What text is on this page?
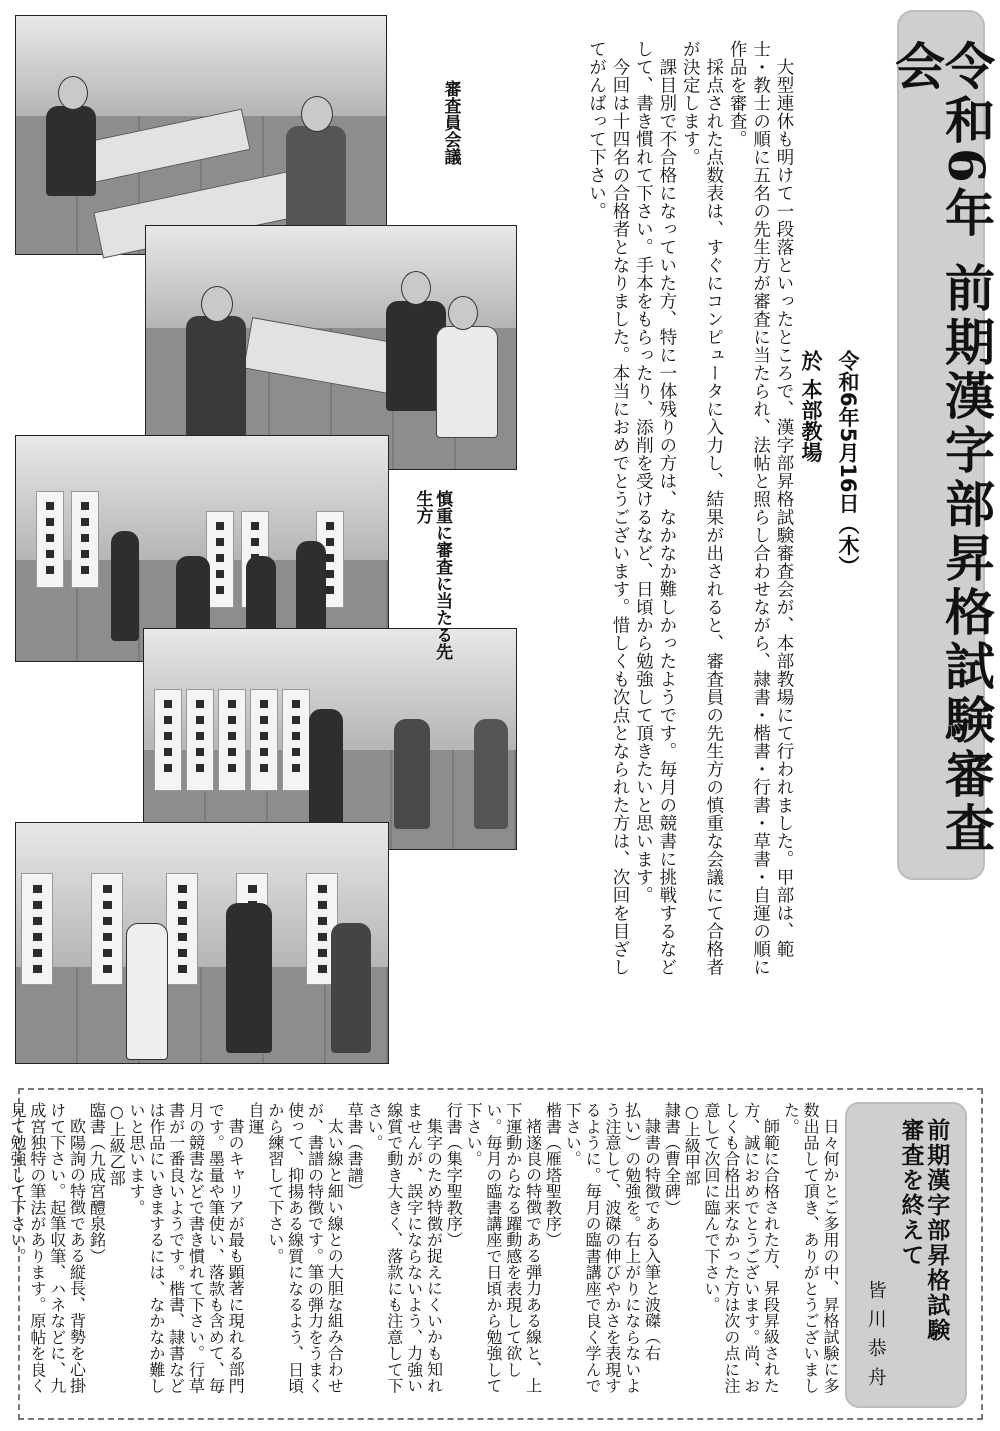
令和6年 前期漢字部昇格試験審査会
令和6年5月16日（木）
於 本部教場

大型連休も明けて一段落といったところで、漢字部昇格試験審査会が、本部教場にて行われました。甲部は、範士・教士の順に五名の先生方が審査に当たられ、法帖と照らし合わせながら、隷書・楷書・行書・草書・自運の順に作品を審査。

採点された点数表は、すぐにコンピュータに入力し、結果が出されると、審査員の先生方の慎重な会議にて合格者が決定します。

課目別で不合格になっていた方、特に一体残りの方は、なかなか難しかったようです。毎月の競書に挑戦するなどして、書き慣れて下さい。手本をもらったり、添削を受けるなど、日頃から勉強して頂きたいと思います。

今回は十四名の合格者となりました。本当におめでとうございます。惜しくも次点となられた方は、次回を目ざしてがんばって下さい。

審査員会議
慎重に審査に当たる先生方
前期漢字部昇格試験
審査を終えて
皆川恭舟

日々何かとご多用の中、昇格試験に多数出品して頂き、ありがとうございました。

師範に合格された方、昇段昇級された方、誠におめでとうございます。尚、おしくも合格出来なかった方は次の点に注意して次回に臨んで下さい。

○上級甲部

隷書（曹全碑）

隷書の特徴である入筆と波磔（右

払い）の勉強を。右上がりにならないよう注意して、波磔の伸びやかさを表現するように。毎月の臨書講座で良く学んで下さい。

楷書（雁塔聖教序）

褚遂良の特徴である弾力ある線と、上下運動からなる躍動感を表現して欲しい。毎月の臨書講座で日頃から勉強して下さい。

行書（集字聖教序）

集字のため特徴が捉えにくいかも知れませんが、誤字にならないよう、力強い線質で動き大きく、落款にも注意して下さい。

草書（書譜）

太い線と細い線との大胆な組み合わせが、書譜の特徴です。筆の弾力をうまく使って、抑揚ある線質になるよう、日頃から練習して下さい。

自運

書のキャリアが最も顕著に現れる部門です。墨量や筆使い、落款も含めて、毎月の競書などで書き慣れて下さい。行草書が一番良いようです。楷書、隷書などは作品にいきまするには、なかなか難しいと思います。

○上級乙部

臨書（九成宮醴泉銘）

欧陽詢の特徴である縦長、背勢を心掛けて下さい。起筆収筆、ハネなどに、九成宮独特の筆法があります。原帖を良く見て勉強して下さい。
